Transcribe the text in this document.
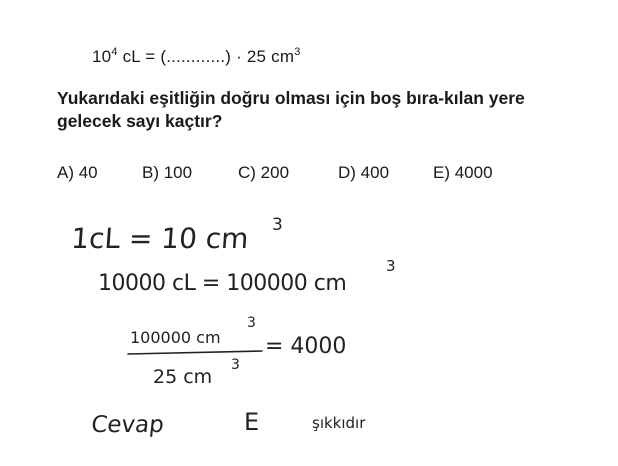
$10^4$ cL = (............) · 25 $cm^3$
Yukarıdaki eşitliğin doğru olması için boş bıra-kılan yere gelecek sayı kaçtır?
A) 40	B) 100	C) 200	D) 400	E) 4000
1cL = 10 cm 3
10000 cL = 100000 cm
3
100000 cm
3
25 cm
3
= 4000
Cevap	E	şıkkıdır
